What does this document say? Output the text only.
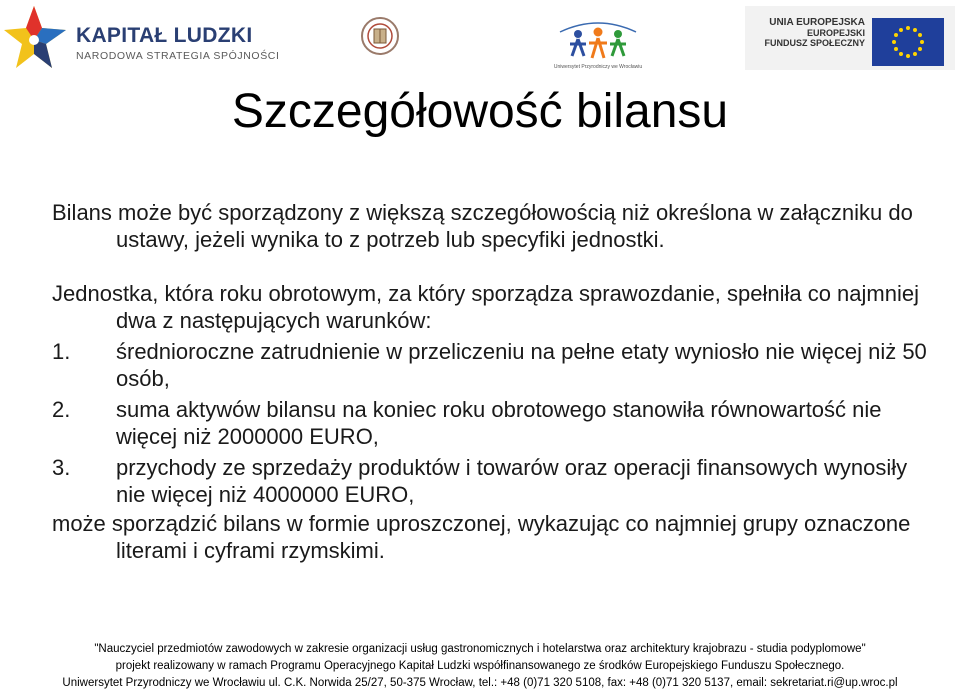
KAPITAŁ LUDZKI
NARODOWA STRATEGIA SPÓJNOŚCI
Uniwersytet Przyrodniczy we Wrocławiu
UNIA EUROPEJSKA
EUROPEJSKI
FUNDUSZ SPOŁECZNY
Szczegółowość bilansu

Bilans może być sporządzony z większą szczegółowością niż określona w załączniku do ustawy, jeżeli wynika to z potrzeb lub specyfiki jednostki.

Jednostka, która roku obrotowym, za który sporządza sprawozdanie, spełniła co najmniej dwa z następujących warunków:

1. średnioroczne zatrudnienie w przeliczeniu na pełne etaty wyniosło nie więcej niż 50 osób,
2. suma aktywów bilansu na koniec roku obrotowego stanowiła równowartość nie więcej niż 2000000 EURO,
3. przychody ze sprzedaży produktów i towarów oraz operacji finansowych wynosiły nie więcej niż 4000000 EURO,

może sporządzić bilans w formie uproszczonej, wykazując co najmniej grupy oznaczone literami i cyframi rzymskimi.

"Nauczyciel przedmiotów zawodowych w zakresie organizacji usług gastronomicznych i hotelarstwa oraz architektury krajobrazu - studia podyplomowe"
projekt realizowany w ramach Programu Operacyjnego Kapitał Ludzki współfinansowanego ze środków Europejskiego Funduszu Społecznego.
Uniwersytet Przyrodniczy we Wrocławiu ul. C.K. Norwida 25/27, 50-375 Wrocław, tel.: +48 (0)71 320 5108, fax: +48 (0)71 320 5137, email: sekretariat.ri@up.wroc.pl
